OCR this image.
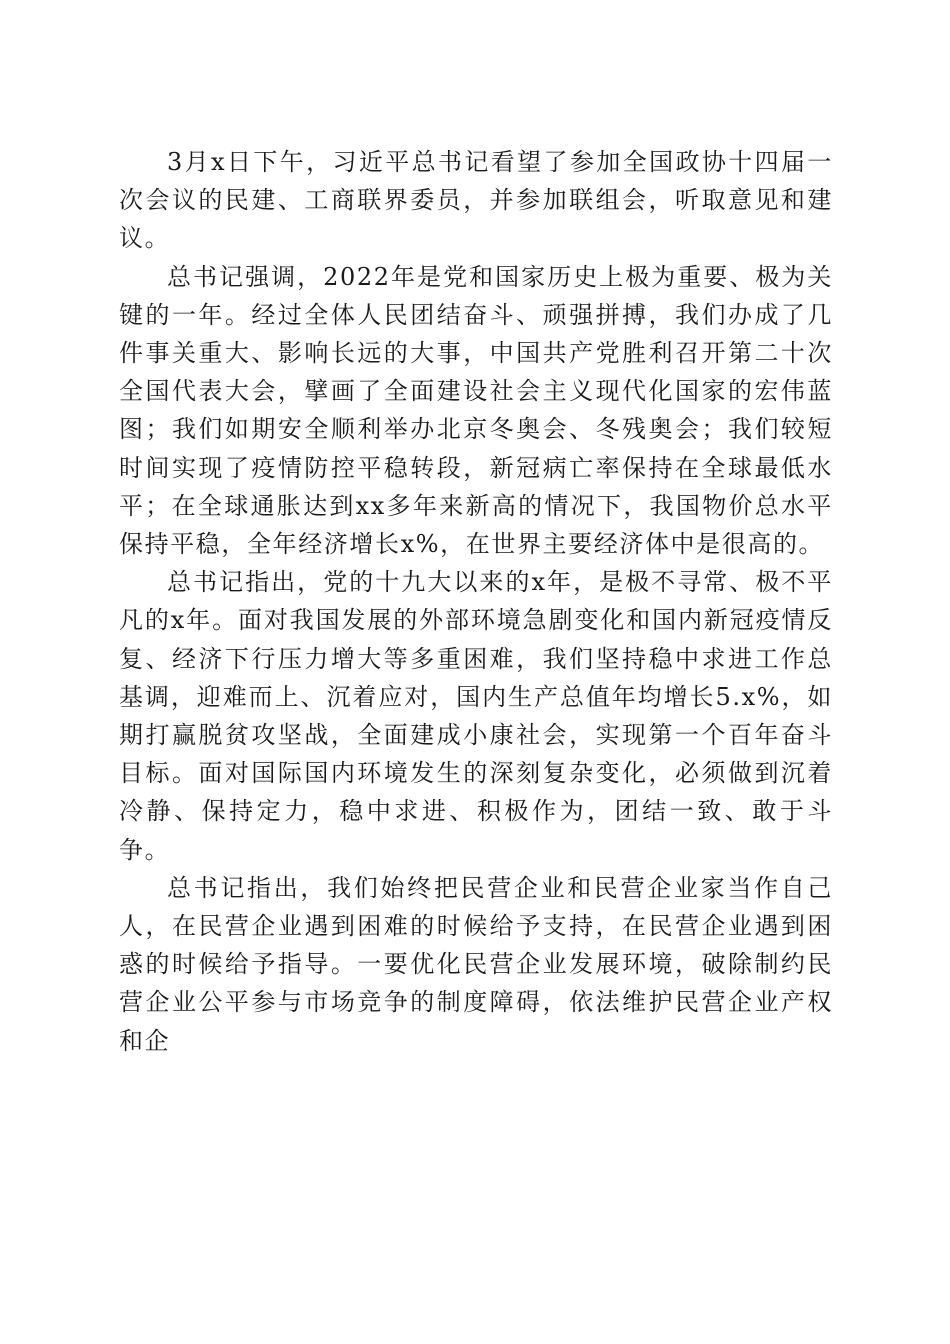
3月x日下午，习近平总书记看望了参加全国政协十四届一次会议的民建、工商联界委员，并参加联组会，听取意见和建议。

总书记强调，2022年是党和国家历史上极为重要、极为关键的一年。经过全体人民团结奋斗、顽强拼搏，我们办成了几件事关重大、影响长远的大事，中国共产党胜利召开第二十次全国代表大会，擘画了全面建设社会主义现代化国家的宏伟蓝图；我们如期安全顺利举办北京冬奥会、冬残奥会；我们较短时间实现了疫情防控平稳转段，新冠病亡率保持在全球最低水平；在全球通胀达到xx多年来新高的情况下，我国物价总水平保持平稳，全年经济增长x%，在世界主要经济体中是很高的。

总书记指出，党的十九大以来的x年，是极不寻常、极不平凡的x年。面对我国发展的外部环境急剧变化和国内新冠疫情反复、经济下行压力增大等多重困难，我们坚持稳中求进工作总基调，迎难而上、沉着应对，国内生产总值年均增长5.x%，如期打赢脱贫攻坚战，全面建成小康社会，实现第一个百年奋斗目标。面对国际国内环境发生的深刻复杂变化，必须做到沉着冷静、保持定力，稳中求进、积极作为，团结一致、敢于斗争。

总书记指出，我们始终把民营企业和民营企业家当作自己人，在民营企业遇到困难的时候给予支持，在民营企业遇到困惑的时候给予指导。一要优化民营企业发展环境，破除制约民营企业公平参与市场竞争的制度障碍，依法维护民营企业产权和企
